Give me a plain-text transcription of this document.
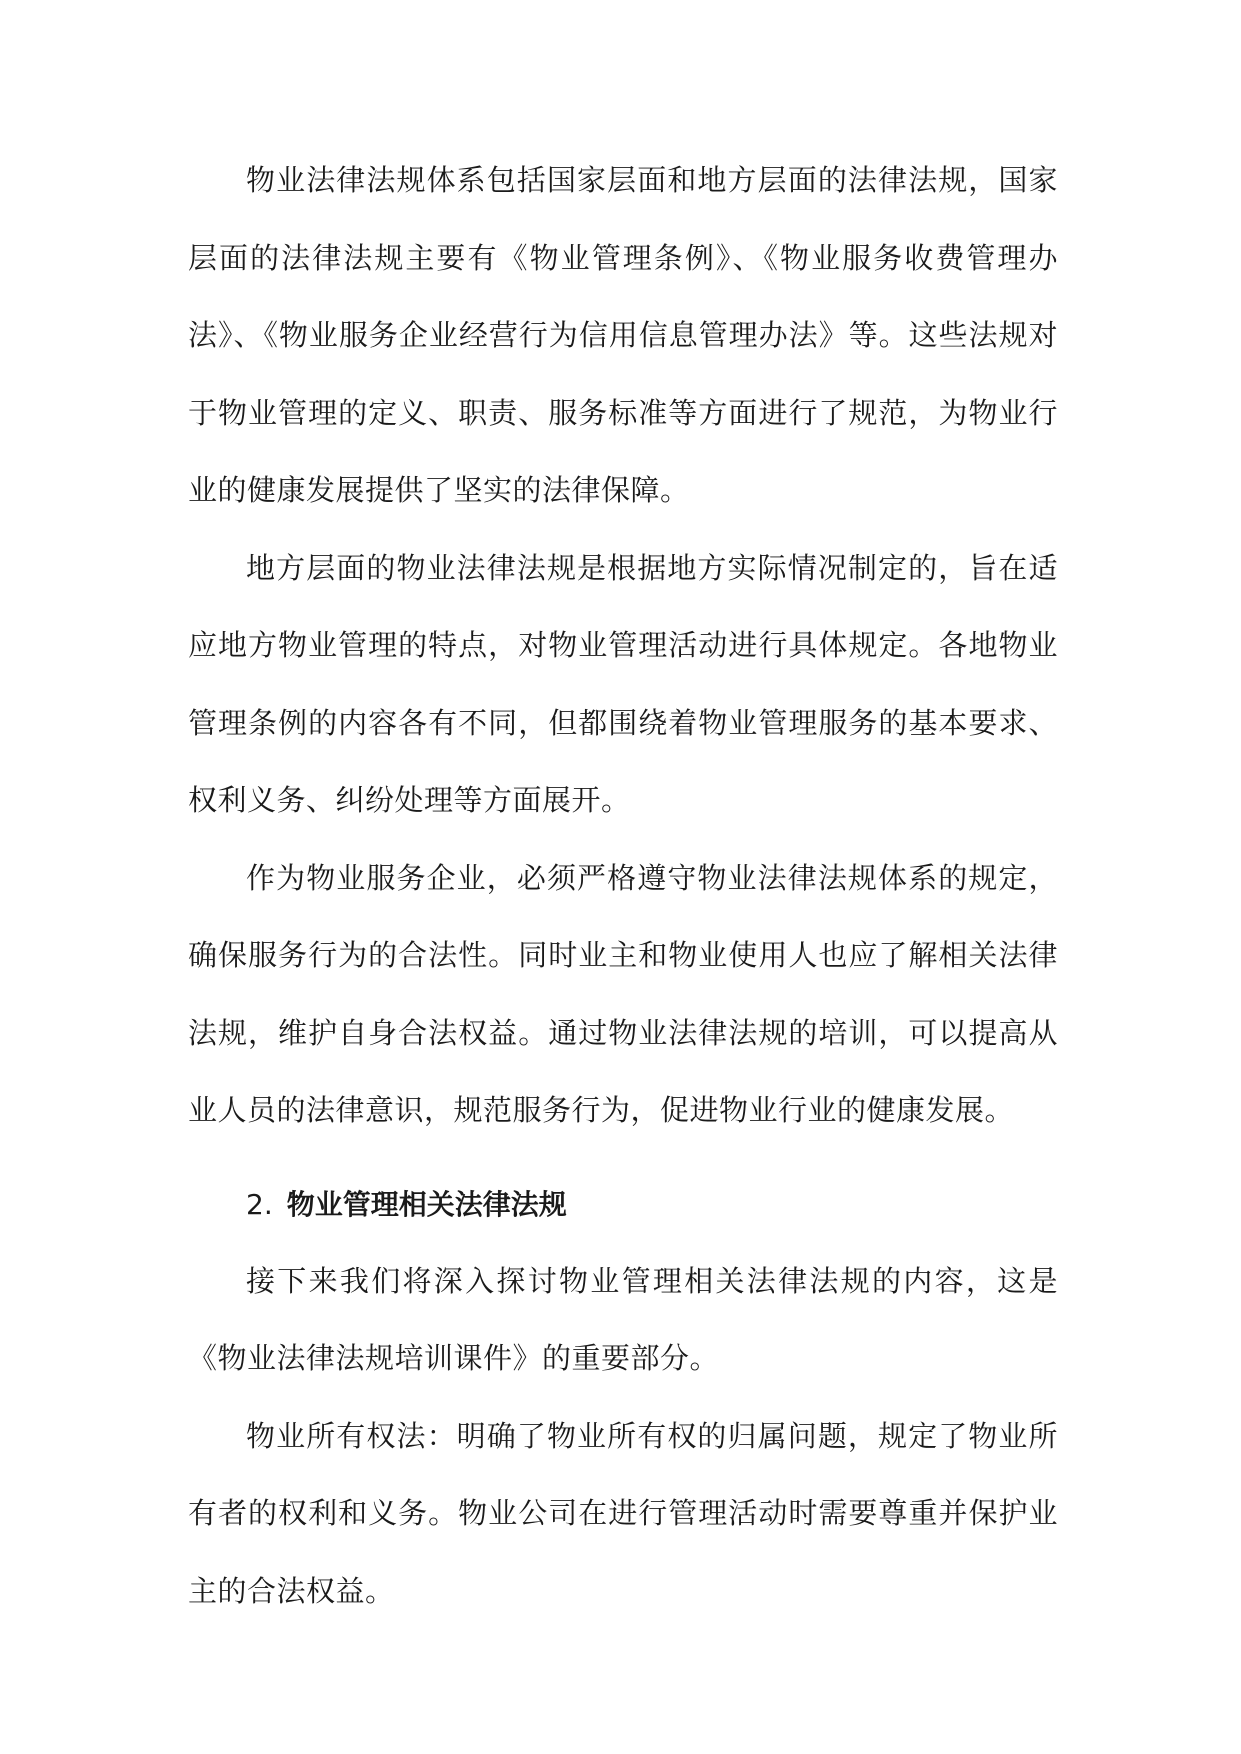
物业法律法规体系包括国家层面和地方层面的法律法规，国家层面的法律法规主要有《物业管理条例》、《物业服务收费管理办法》、《物业服务企业经营行为信用信息管理办法》等。这些法规对于物业管理的定义、职责、服务标准等方面进行了规范，为物业行业的健康发展提供了坚实的法律保障。

地方层面的物业法律法规是根据地方实际情况制定的，旨在适应地方物业管理的特点，对物业管理活动进行具体规定。各地物业管理条例的内容各有不同，但都围绕着物业管理服务的基本要求、权利义务、纠纷处理等方面展开。

作为物业服务企业，必须严格遵守物业法律法规体系的规定，确保服务行为的合法性。同时业主和物业使用人也应了解相关法律法规，维护自身合法权益。通过物业法律法规的培训，可以提高从业人员的法律意识，规范服务行为，促进物业行业的健康发展。

2. 物业管理相关法律法规

接下来我们将深入探讨物业管理相关法律法规的内容，这是《物业法律法规培训课件》的重要部分。

物业所有权法：明确了物业所有权的归属问题，规定了物业所有者的权利和义务。物业公司在进行管理活动时需要尊重并保护业主的合法权益。
